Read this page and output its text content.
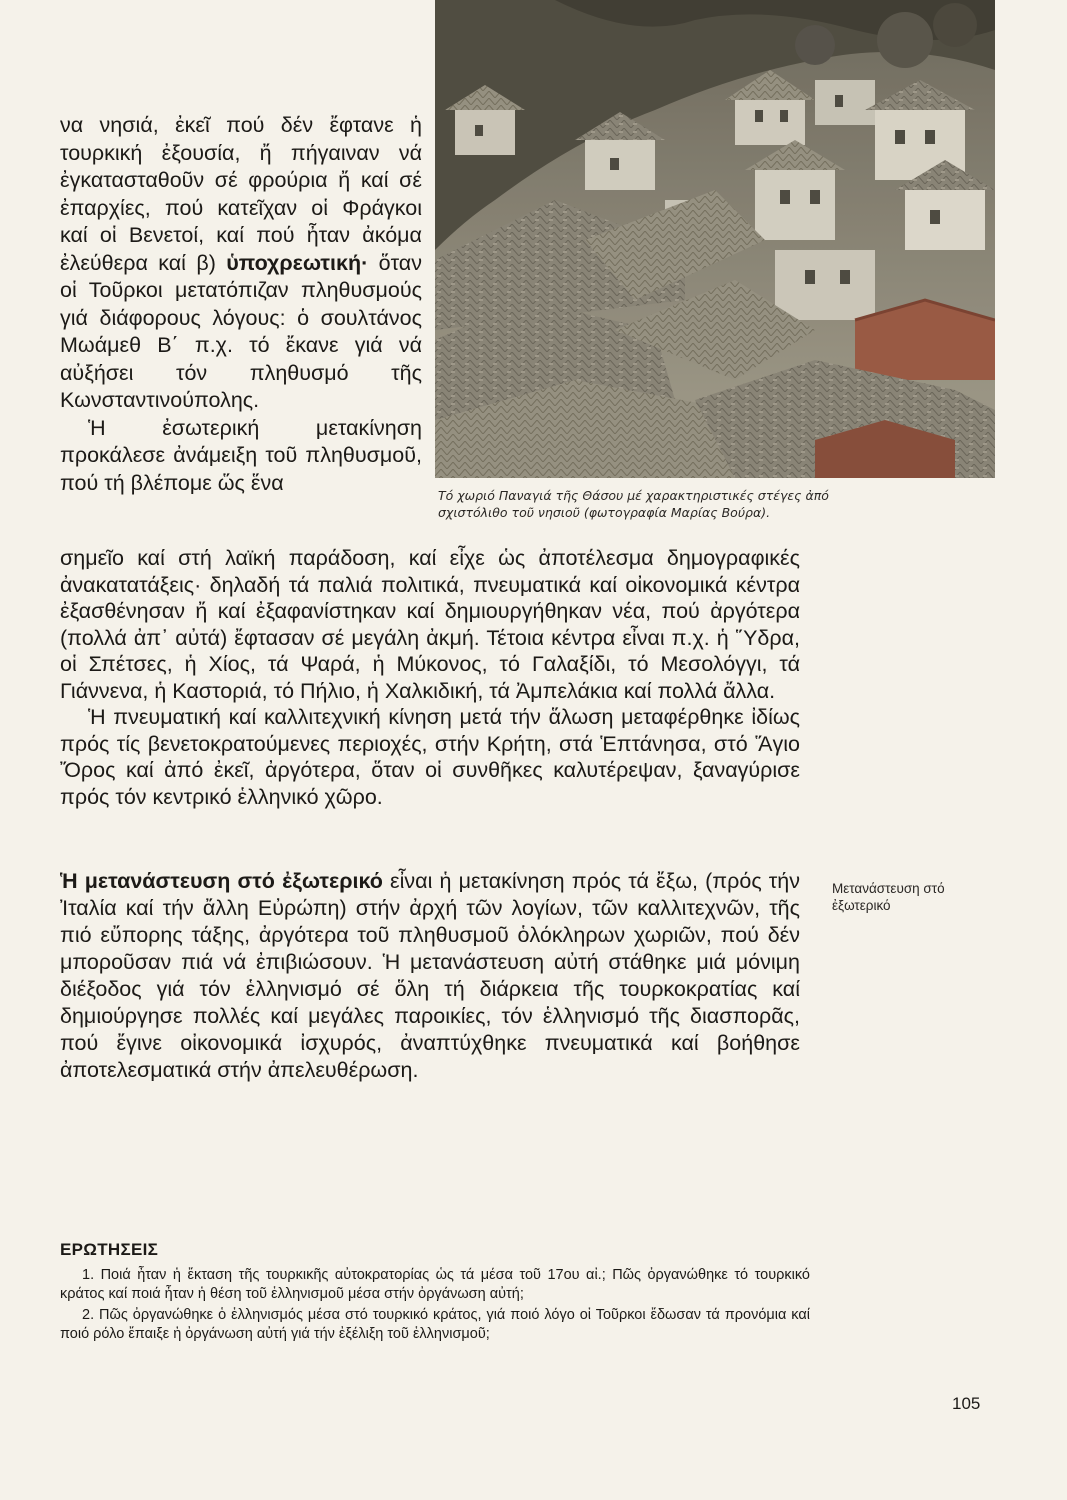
Τό χωριό Παναγιά τῆς Θάσου μέ χαρακτηριστικές στέγες ἀπό σχιστόλιθο τοῦ νησιοῦ (φωτογραφία Μαρίας Βούρα).

να νησιά, ἐκεῖ πού δέν ἔφτανε ἡ τουρκική ἐξουσία, ἤ πήγαιναν νά ἐγκατασταθοῦν σέ φρούρια ἤ καί σέ ἐπαρχίες, πού κατεῖχαν οἱ Φράγκοι καί οἱ Βενετοί, καί πού ἦταν ἀκόμα ἐλεύθερα καί β) ὑποχρεωτική· ὅταν οἱ Τοῦρκοι μετατόπιζαν πληθυσμούς γιά διάφορους λόγους: ὁ σουλτάνος Μωάμεθ Β΄ π.χ. τό ἔκανε γιά νά αὐξήσει τόν πληθυσμό τῆς Κωνσταντινούπολης.

Ἡ ἐσωτερική μετακίνηση προκάλεσε ἀνάμειξη τοῦ πληθυσμοῦ, πού τή βλέπομε ὥς ἕνα

σημεῖο καί στή λαϊκή παράδοση, καί εἶχε ὡς ἀποτέλεσμα δημογραφικές ἀνακατατάξεις· δηλαδή τά παλιά πολιτικά, πνευματικά καί οἰκονομικά κέντρα ἐξασθένησαν ἤ καί ἐξαφανίστηκαν καί δημιουργήθηκαν νέα, πού ἀργότερα (πολλά ἀπ᾽ αὐτά) ἔφτασαν σέ μεγάλη ἀκμή. Τέτοια κέντρα εἶναι π.χ. ἡ Ὕδρα, οἱ Σπέτσες, ἡ Χίος, τά Ψαρά, ἡ Μύκονος, τό Γαλαξίδι, τό Μεσολόγγι, τά Γιάννενα, ἡ Καστοριά, τό Πήλιο, ἡ Χαλκιδική, τά Ἀμπελάκια καί πολλά ἄλλα.

Ἡ πνευματική καί καλλιτεχνική κίνηση μετά τήν ἅλωση μεταφέρθηκε ἰδίως πρός τίς βενετοκρατούμενες περιοχές, στήν Κρήτη, στά Ἑπτάνησα, στό Ἅγιο Ὄρος καί ἀπό ἐκεῖ, ἀργότερα, ὅταν οἱ συνθῆκες καλυτέρεψαν, ξαναγύρισε πρός τόν κεντρικό ἑλληνικό χῶρο.

Ἡ μετανάστευση στό ἐξωτερικό εἶναι ἡ μετακίνηση πρός τά ἔξω, (πρός τήν Ἰταλία καί τήν ἄλλη Εὐρώπη) στήν ἀρχή τῶν λογίων, τῶν καλλιτεχνῶν, τῆς πιό εὔπορης τάξης, ἀργότερα τοῦ πληθυσμοῦ ὁλόκληρων χωριῶν, πού δέν μποροῦσαν πιά νά ἐπιβιώσουν. Ἡ μετανάστευση αὐτή στάθηκε μιά μόνιμη διέξοδος γιά τόν ἑλληνισμό σέ ὅλη τή διάρκεια τῆς τουρκοκρατίας καί δημιούργησε πολλές καί μεγάλες παροικίες, τόν ἑλληνισμό τῆς διασπορᾶς, πού ἔγινε οἰκονομικά ἰσχυρός, ἀναπτύχθηκε πνευματικά καί βοήθησε ἀποτελεσματικά στήν ἀπελευθέρωση.

Μετανάστευση στό ἐξωτερικό

ΕΡΩΤΗΣΕΙΣ
1. Ποιά ἦταν ἡ ἔκταση τῆς τουρκικῆς αὐτοκρατορίας ὡς τά μέσα τοῦ 17ου αἰ.; Πῶς ὀργανώθηκε τό τουρκικό κράτος καί ποιά ἦταν ἡ θέση τοῦ ἑλληνισμοῦ μέσα στήν ὀργάνωση αὐτή;
2. Πῶς ὀργανώθηκε ὁ ἑλληνισμός μέσα στό τουρκικό κράτος, γιά ποιό λόγο οἱ Τοῦρκοι ἔδωσαν τά προνόμια καί ποιό ρόλο ἔπαιξε ἡ ὀργάνωση αὐτή γιά τήν ἐξέλιξη τοῦ ἑλληνισμοῦ;

105
